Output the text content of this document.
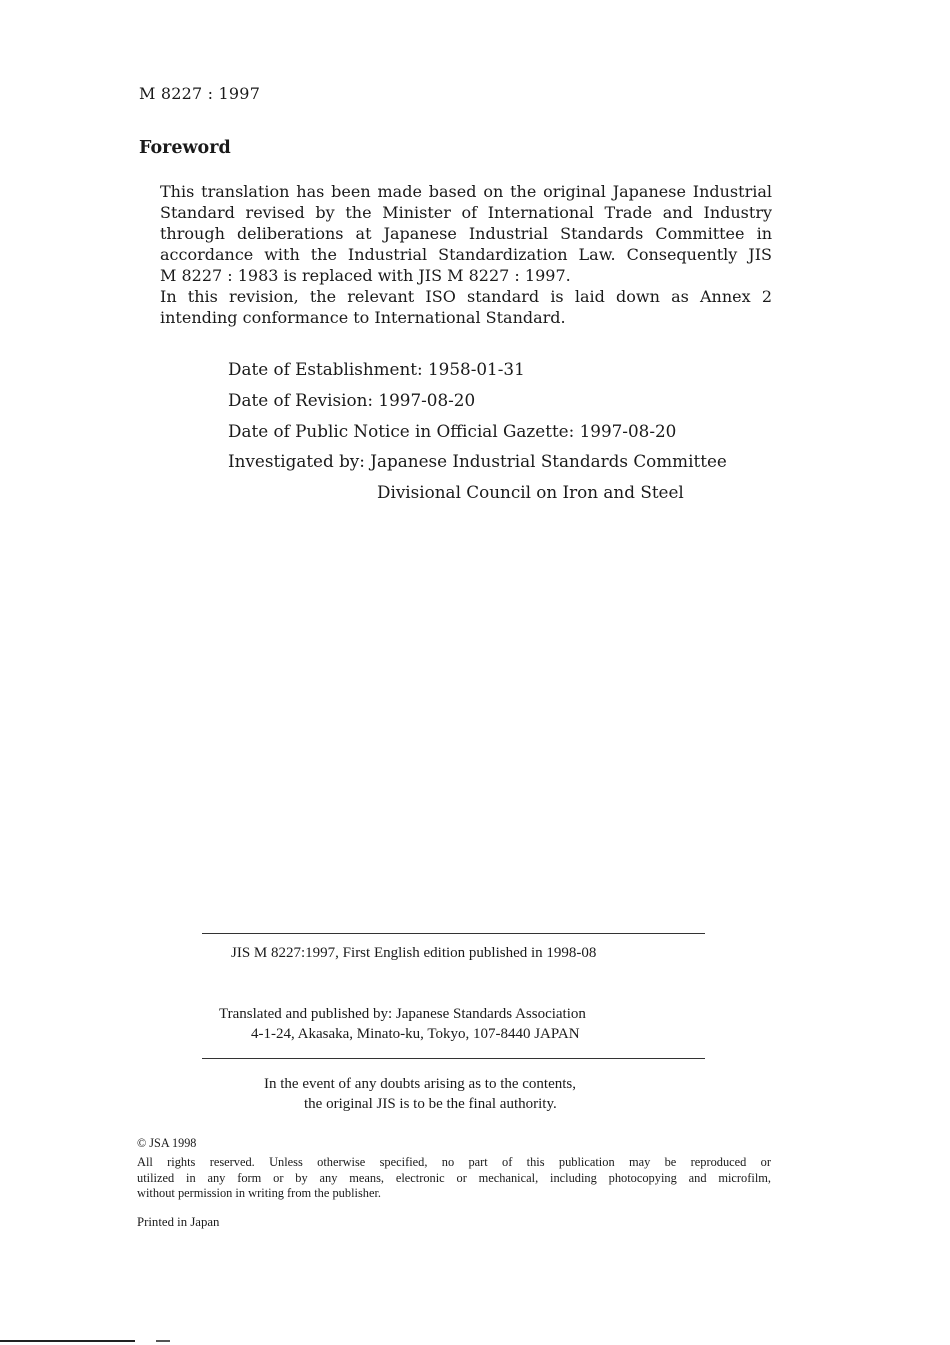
M 8227 : 1997
Foreword
This translation has been made based on the original Japanese Industrial
Standard revised by the Minister of International Trade and Industry
through deliberations at Japanese Industrial Standards Committee in
accordance with the Industrial Standardization Law. Consequently JIS
M 8227 : 1983 is replaced with JIS M 8227 : 1997.
In this revision, the relevant ISO standard is laid down as Annex 2
intending conformance to International Standard.
Date of Establishment: 1958-01-31
Date of Revision: 1997-08-20
Date of Public Notice in Official Gazette: 1997-08-20
Investigated by: Japanese Industrial Standards Committee
Divisional Council on Iron and Steel
JIS M 8227:1997, First English edition published in 1998-08
Translated and published by: Japanese Standards Association
4-1-24, Akasaka, Minato-ku, Tokyo, 107-8440 JAPAN
In the event of any doubts arising as to the contents,
the original JIS is to be the final authority.
© JSA 1998
All rights reserved. Unless otherwise specified, no part of this publication may be reproduced or
utilized in any form or by any means, electronic or mechanical, including photocopying and microfilm,
without permission in writing from the publisher.
Printed in Japan
